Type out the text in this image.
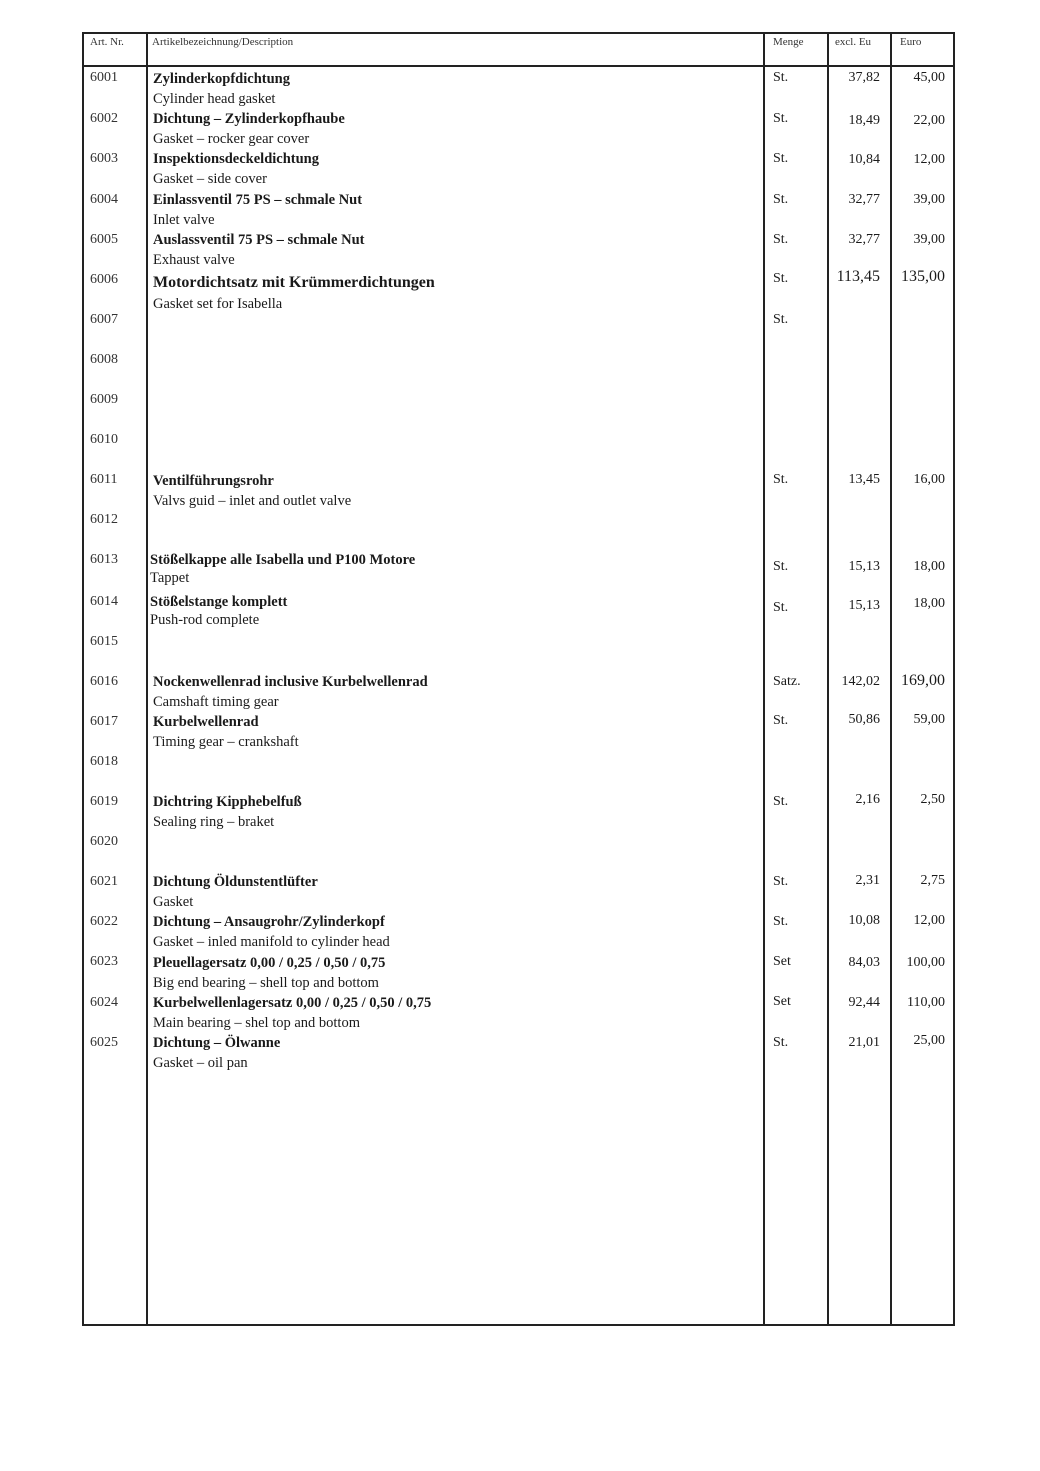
Art. Nr.	Artikelbezeichnung/Description	Menge	excl. Eu	Euro
6001 Zylinderkopfdichtung
Cylinder head gasket
St.	37,82 45,00
6002 Dichtung – Zylinderkopfhaube
Gasket – rocker gear cover
St.	18,49 22,00
6003 Inspektionsdeckeldichtung
Gasket – side cover
St.	10,84 12,00
6004 Einlassventil 75 PS – schmale Nut
Inlet valve
St.	32,77 39,00
6005 Auslassventil 75 PS – schmale Nut
Exhaust valve
St.	32,77 39,00
6006 Motordichtsatz mit Krümmerdichtungen
Gasket set for Isabella
St.	113,45 135,00
6007	St.
6008
6009
6010
6011 Ventilführungsrohr
Valvs guid – inlet and outlet valve
St.	13,45 16,00
6012
6013 Stößelkappe alle Isabella und P100 Motore
Tappet
St.	15,13 18,00
6014 Stößelstange komplett
Push-rod complete
St.	15,13 18,00
6015
6016 Nockenwellenrad inclusive Kurbelwellenrad
Camshaft timing gear
Satz.	142,02 169,00
6017 Kurbelwellenrad
Timing gear – crankshaft
St.	50,86 59,00
6018
6019 Dichtring Kipphebelfuß
Sealing ring – braket
St.	2,16	2,50
6020
6021 Dichtung Öldunstentlüfter
Gasket
St.	2,31	2,75
6022 Dichtung – Ansaugrohr/Zylinderkopf
Gasket – inled manifold to cylinder head
St.	10,08 12,00
6023 Pleuellagersatz 0,00 / 0,25 / 0,50 / 0,75
Big end bearing – shell top and bottom
Set	84,03 100,00
6024 Kurbelwellenlagersatz 0,00 / 0,25 / 0,50 / 0,75
Main bearing – shel top and bottom
Set	92,44 110,00
6025 Dichtung – Ölwanne
Gasket – oil pan
St.	21,01 25,00
